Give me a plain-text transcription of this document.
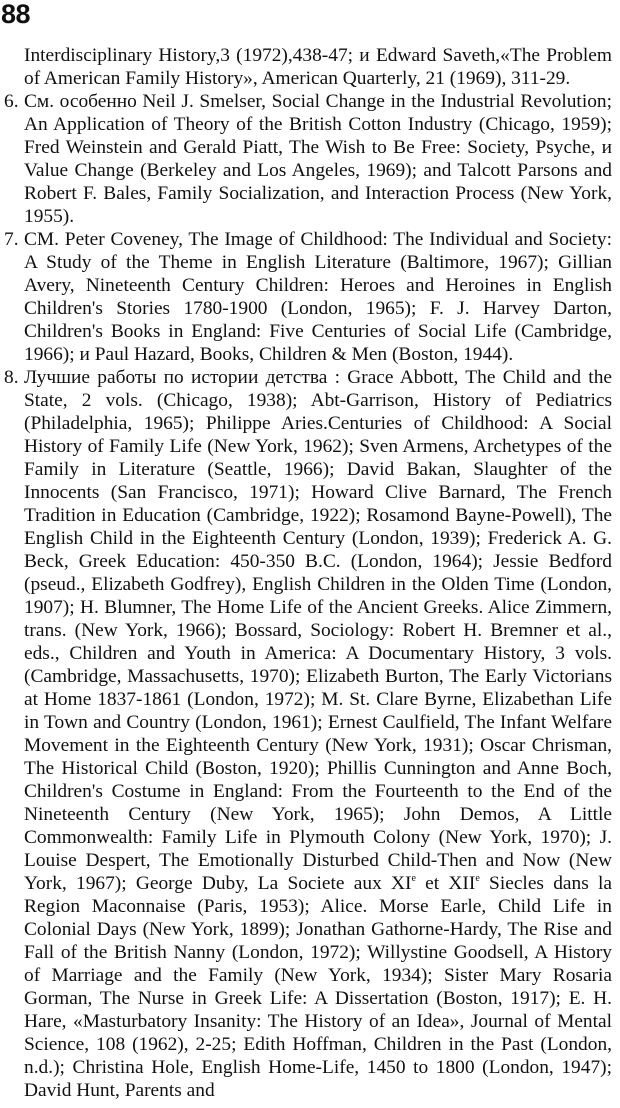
88
Interdisciplinary History,3 (1972),438-47; и Edward Saveth,«The Problem of American Family History», American Quarterly, 21 (1969), 311-29.
6. См. особенно Neil J. Smelser, Social Change in the Industrial Revolution; An Application of Theory of the British Cotton Industry (Chicago, 1959); Fred Weinstein and Gerald Piatt, The Wish to Be Free: Society, Psyche, и Value Change (Berkeley and Los Angeles, 1969); and Talcott Parsons and Robert F. Bales, Family Socialization, and Interaction Process (New York, 1955).
7. СМ. Peter Coveney, The Image of Childhood: The Individual and Society: A Study of the Theme in English Literature (Baltimore, 1967); Gillian Avery, Nineteenth Century Children: Heroes and Heroines in English Children's Stories 1780-1900 (London, 1965); F. J. Harvey Darton, Children's Books in England: Five Centuries of Social Life (Cambridge, 1966); и Paul Hazard, Books, Children & Men (Boston, 1944).
8. Лучшие работы по истории детства : Grace Abbott, The Child and the State, 2 vols. (Chicago, 1938); Abt-Garrison, History of Pediatrics (Philadelphia, 1965); Philippe Aries.Centuries of Childhood: A Social History of Family Life (New York, 1962); Sven Armens, Archetypes of the Family in Literature (Seattle, 1966); David Bakan, Slaughter of the Innocents (San Francisco, 1971); Howard Clive Barnard, The French Tradition in Education (Cambridge, 1922); Rosamond Bayne-Powell), The English Child in the Eighteenth Century (London, 1939); Frederick A. G. Beck, Greek Education: 450-350 B.C. (London, 1964); Jessie Bedford (pseud., Elizabeth Godfrey), English Children in the Olden Time (London, 1907); H. Blumner, The Home Life of the Ancient Greeks. Alice Zimmern, trans. (New York, 1966); Bossard, Sociology: Robert H. Bremner et al., eds., Children and Youth in America: A Documentary History, 3 vols. (Cambridge, Massachusetts, 1970); Elizabeth Burton, The Early Victorians at Home 1837-1861 (London, 1972); M. St. Clare Byrne, Elizabethan Life in Town and Country (London, 1961); Ernest Caulfield, The Infant Welfare Movement in the Eighteenth Century (New York, 1931); Oscar Chrisman, The Historical Child (Boston, 1920); Phillis Cunnington and Anne Boch, Children's Costume in England: From the Fourteenth to the End of the Nineteenth Century (New York, 1965); John Demos, A Little Commonwealth: Family Life in Plymouth Colony (New York, 1970); J. Louise Despert, The Emotionally Disturbed Child-Then and Now (New York, 1967); George Duby, La Societe aux XIe et XIIe Siecles dans la Region Maconnaise (Paris, 1953); Alice. Morse Earle, Child Life in Colonial Days (New York, 1899); Jonathan Gathorne-Hardy, The Rise and Fall of the British Nanny (London, 1972); Willystine Goodsell, A History of Marriage and the Family (New York, 1934); Sister Mary Rosaria Gorman, The Nurse in Greek Life: A Dissertation (Boston, 1917); E. H. Hare, «Masturbatory Insanity: The History of an Idea», Journal of Mental Science, 108 (1962), 2-25; Edith Hoffman, Children in the Past (London, n.d.); Christina Hole, English Home-Life, 1450 to 1800 (London, 1947); David Hunt, Parents and
